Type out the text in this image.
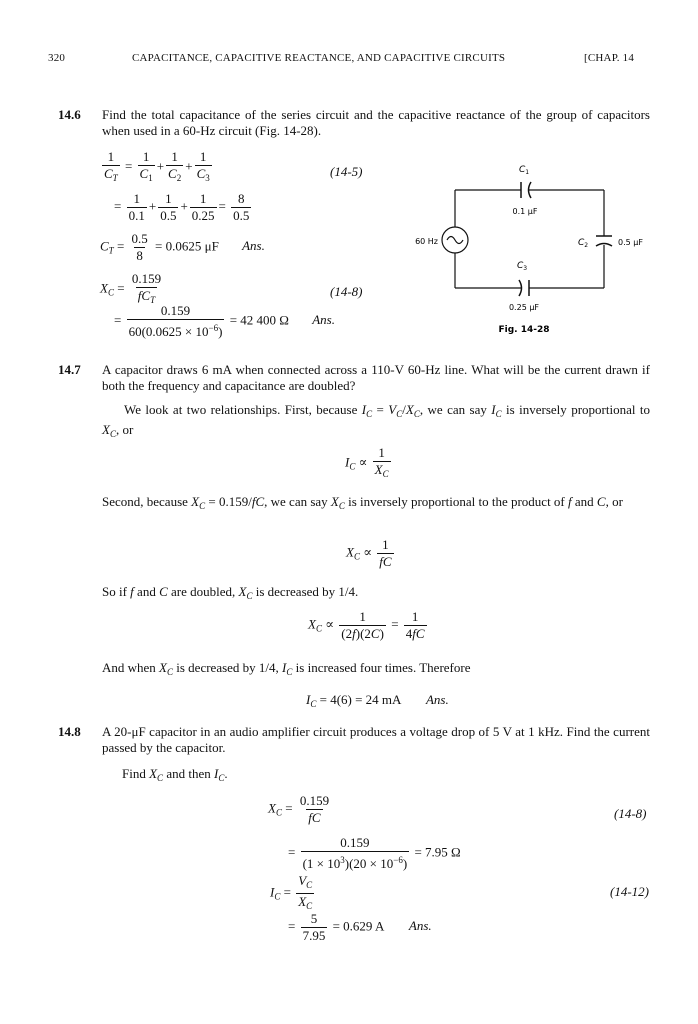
320	CAPACITANCE, CAPACITIVE REACTANCE, AND CAPACITIVE CIRCUITS	[CHAP. 14
14.6 Find the total capacitance of the series circuit and the capacitive reactance of the group of capacitors when used in a 60-Hz circuit (Fig. 14-28).
$\frac{1}{C_T} = \frac{1}{C_1} + \frac{1}{C_2} + \frac{1}{C_3}$	(14-5)
= $\frac{1}{0.1} + \frac{1}{0.5} + \frac{1}{0.25} = \frac{8}{0.5}$
$C_T = \frac{0.5}{8} = 0.0625$ μF Ans.
$X_C = \frac{0.159}{fC_T}$	(14-8)
= $\frac{0.159}{60(0.0625 \times 10^{-6})} = 42$ 400 Ω Ans.
$C_1$
0.1 μF
60 Hz	$C_2$	0.5 μF
$C_3$
0.25 μF
Fig. 14-28
14.7 A capacitor draws 6 mA when connected across a 110-V 60-Hz line. What will be the current drawn if both the frequency and capacitance are doubled?
We look at two relationships. First, because $I_C = V_C/X_C$, we can say $I_C$ is inversely proportional to $X_C$, or
$I_C \propto \frac{1}{X_C}$
Second, because $X_C = 0.159/fC$, we can say $X_C$ is inversely proportional to the product of f and C, or
$X_C \propto \frac{1}{fC}$
So if f and C are doubled, $X_C$ is decreased by 1/4.
$X_C \propto \frac{1}{(2f)(2C)} = \frac{1}{4fC}$
And when $X_C$ is decreased by 1/4, $I_C$ is increased four times. Therefore
$I_C = 4(6) = 24$ mA Ans.
14.8 A 20-μF capacitor in an audio amplifier circuit produces a voltage drop of 5 V at 1 kHz. Find the current passed by the capacitor.
Find $X_C$ and then $I_C$.
$X_C = \frac{0.159}{fC}$	(14-8)
= $\frac{0.159}{(1 \times 10^3)(20 \times 10^{-6})} = 7.95$ Ω
$I_C = \frac{V_C}{X_C}$	(14-12)
= $\frac{5}{7.95} = 0.629$ A Ans.
